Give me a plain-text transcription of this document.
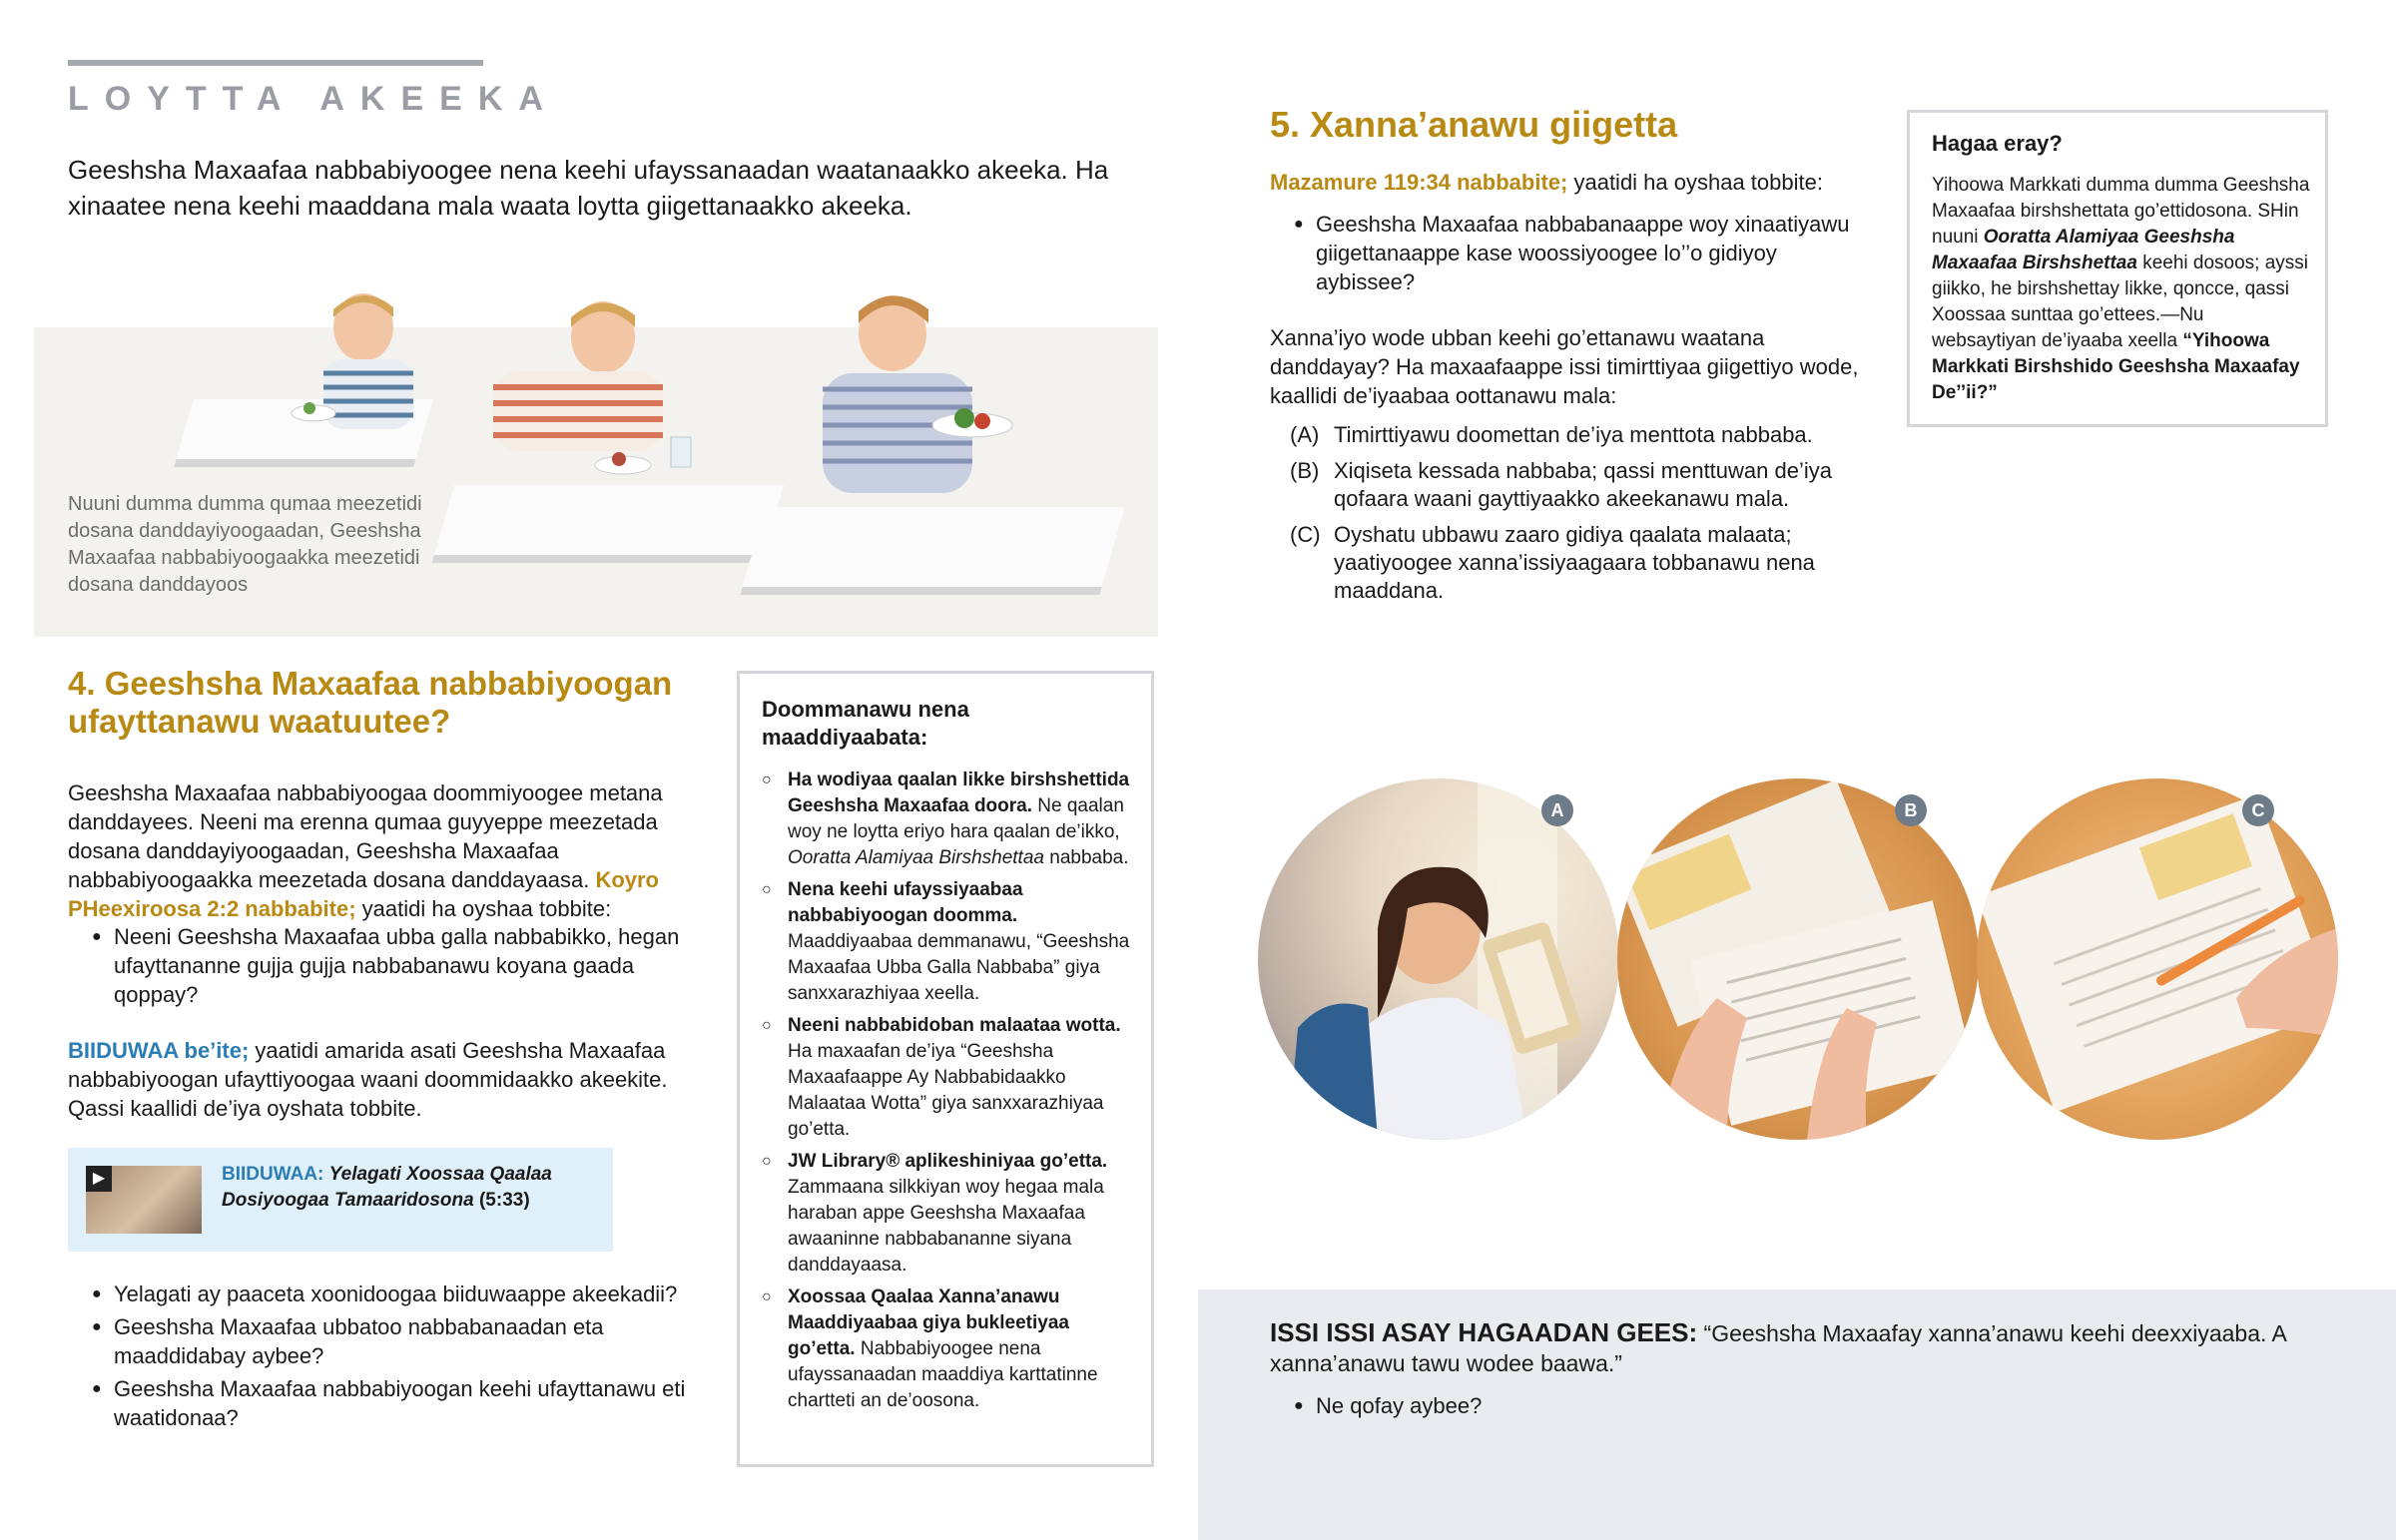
LOYTTA AKEEKA
Geeshsha Maxaafaa nabbabiyoogee nena keehi ufayssanaadan waatanaakko akeeka. Ha xinaatee nena keehi maaddana mala waata loytta giigettanaakko akeeka.
Nuuni dumma dumma qumaa meezetidi dosana danddayiyoogaadan, Geeshsha Maxaafaa nabbabiyoogaakka meezetidi dosana danddayoos
4. Geeshsha Maxaafaa nabbabiyoogan ufayttanawu waatuutee?
Geeshsha Maxaafaa nabbabiyoogaa doommiyoogee metana danddayees. Neeni ma erenna qumaa guyyeppe meezetada dosana danddayiyoogaadan, Geeshsha Maxaafaa nabbabiyoogaakka meezetada dosana danddayaasa. Koyro PHeexiroosa 2:2 nabbabite; yaatidi ha oyshaa tobbite:
● Neeni Geeshsha Maxaafaa ubba galla nabbabikko, hegan ufayttananne gujja gujja nabbabanawu koyana gaada qoppay?
BIIDUWAA be’ite; yaatidi amarida asati Geeshsha Maxaafaa nabbabiyoogan ufayttiyoogaa waani doommidaakko akeekite. Qassi kaallidi de’iya oyshata tobbite.
▶	BIIDUWAA: Yelagati Xoossaa Qaalaa Dosiyoogaa Tamaaridosona (5:33)
● Yelagati ay paaceta xoonidoogaa biiduwaappe akeekadii?
● Geeshsha Maxaafaa ubbatoo nabbabanaadan eta maaddidabay aybee?
● Geeshsha Maxaafaa nabbabiyoogan keehi ufayttanawu eti waatidonaa?
Doommanawu nena maaddiyaabata:
○ Ha wodiyaa qaalan likke birshshettida Geeshsha Maxaafaa doora. Ne qaalan woy ne loytta eriyo hara qaalan de’ikko, Ooratta Alamiyaa Birshshettaa nabbaba.
○ Nena keehi ufayssiyaabaa nabbabiyoogan doomma. Maaddiyaabaa demmanawu, “Geeshsha Maxaafaa Ubba Galla Nabbaba” giya sanxxarazhiyaa xeella.
○ Neeni nabbabidoban malaataa wotta. Ha maxaafan de’iya “Geeshsha Maxaafaappe Ay Nabbabidaakko Malaataa Wotta” giya sanxxarazhiyaa go’etta.
○ JW Library® aplikeshiniyaa go’etta. Zammaana silkkiyan woy hegaa mala haraban appe Geeshsha Maxaafaa awaaninne nabbabananne siyana danddayaasa.
○ Xoossaa Qaalaa Xanna’anawu Maaddiyaabaa giya bukleetiyaa go’etta. Nabbabiyoogee nena ufayssanaadan maaddiya karttatinne chartteti an de’oosona.
5. Xanna’anawu giigetta
Mazamure 119:34 nabbabite; yaatidi ha oyshaa tobbite:
● Geeshsha Maxaafaa nabbabanaappe woy xinaatiyawu giigettanaappe kase woossiyoogee lo’’o gidiyoy aybissee?
Xanna’iyo wode ubban keehi go’ettanawu waatana danddayay? Ha maxaafaappe issi timirttiyaa giigettiyo wode, kaallidi de’iyaabaa oottanawu mala:
(A) Timirttiyawu doomettan de’iya menttota nabbaba.
(B) Xiqiseta kessada nabbaba; qassi menttuwan de’iya qofaara waani gayttiyaakko akeekanawu mala.
(C) Oyshatu ubbawu zaaro gidiya qaalata malaata; yaatiyoogee xanna’issiyaagaara tobbanawu nena maaddana.
Hagaa eray?
Yihoowa Markkati dumma dumma Geeshsha Maxaafaa birshshettata go’ettidosona. SHin nuuni Ooratta Alamiyaa Geeshsha Maxaafaa Birshshettaa keehi dosoos; ayssi giikko, he birshshettay likke, qoncce, qassi Xoossaa sunttaa go’ettees.—Nu websaytiyan de’iyaaba xeella “Yihoowa Markkati Birshshido Geeshsha Maxaafay De’’ii?”
A	B	C
ISSI ISSI ASAY HAGAADAN GEES: “Geeshsha Maxaafay xanna’anawu keehi deexxiyaaba. A xanna’anawu tawu wodee baawa.”
● Ne qofay aybee?
